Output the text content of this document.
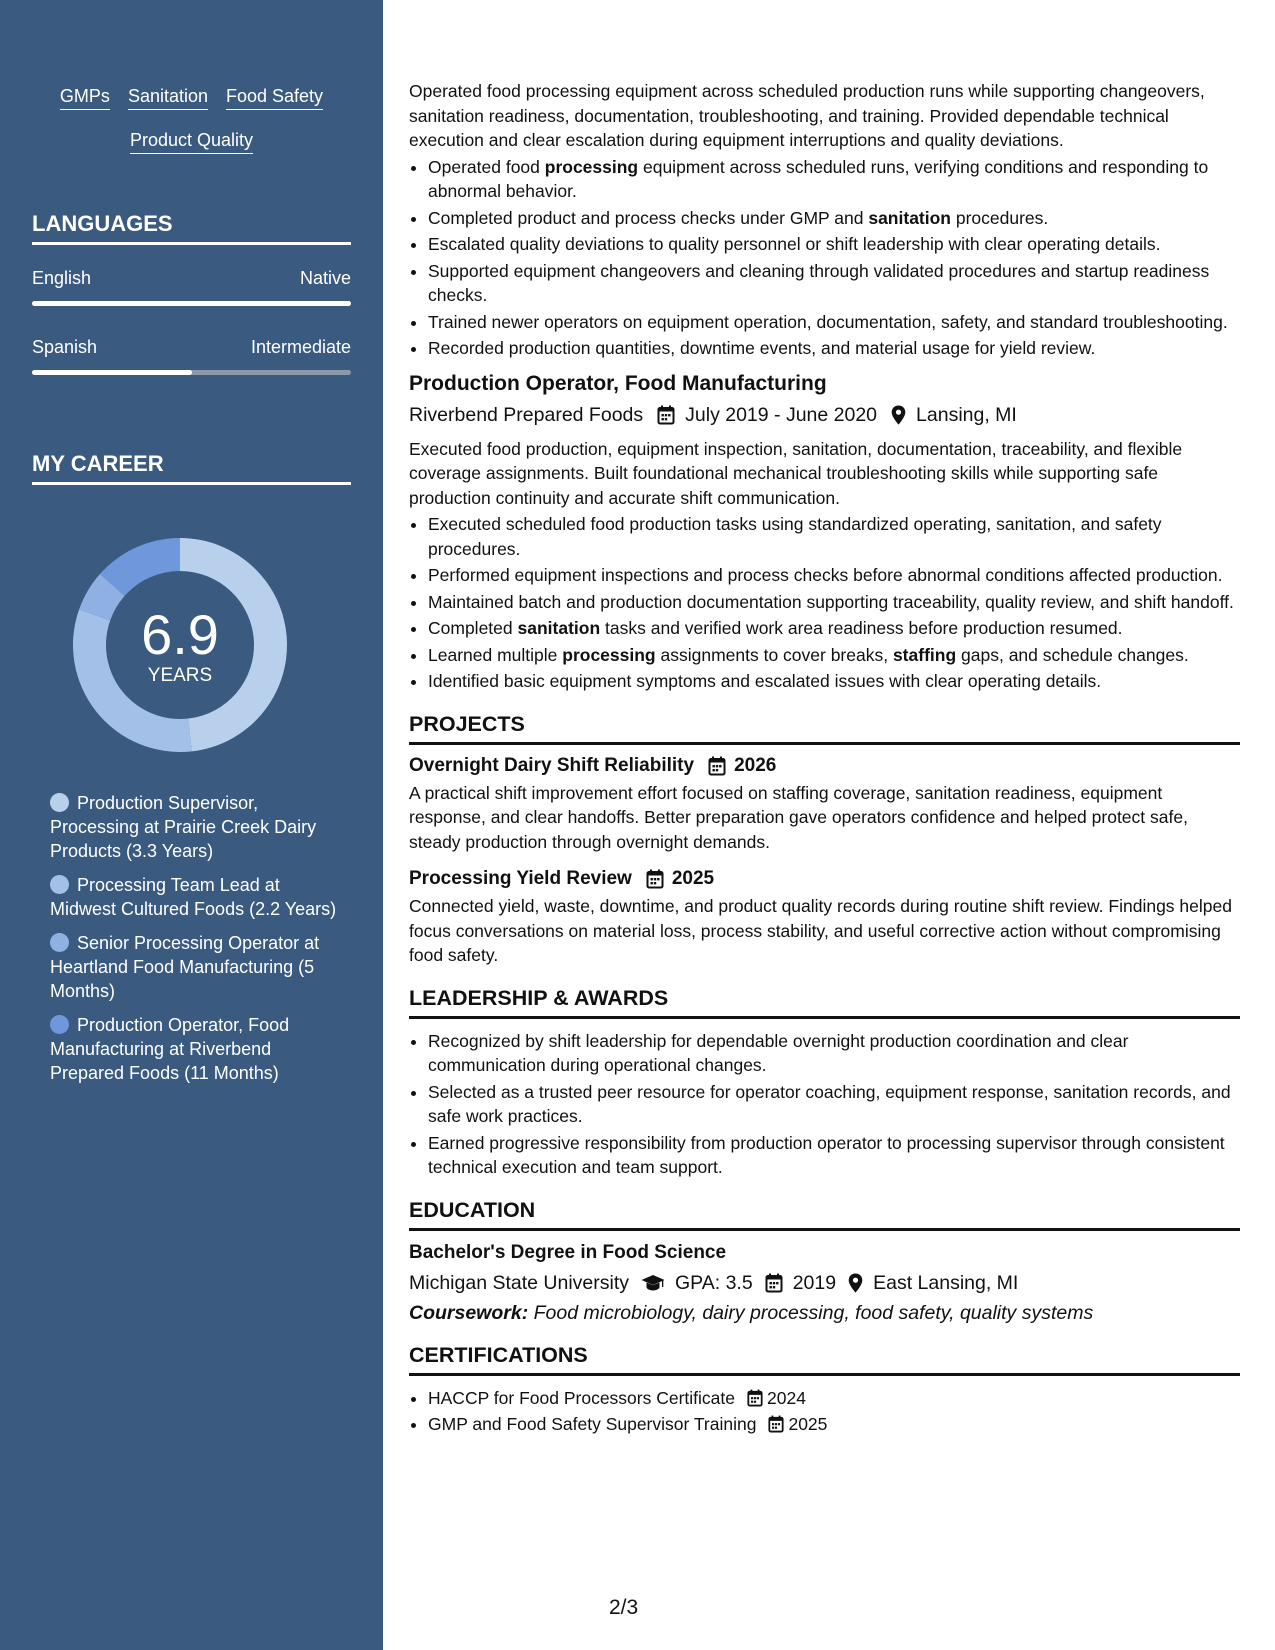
GMPs Sanitation Food Safety
Product Quality
LANGUAGES
English	Native
Spanish	Intermediate
MY CAREER
6.9
YEARS
Production Supervisor, Processing at Prairie Creek Dairy Products (3.3 Years)
Processing Team Lead at Midwest Cultured Foods (2.2 Years)
Senior Processing Operator at Heartland Food Manufacturing (5 Months)
Production Operator, Food Manufacturing at Riverbend Prepared Foods (11 Months)

Operated food processing equipment across scheduled production runs while supporting changeovers, sanitation readiness, documentation, troubleshooting, and training. Provided dependable technical execution and clear escalation during equipment interruptions and quality deviations.

• Operated food processing equipment across scheduled runs, verifying conditions and responding to abnormal behavior.
• Completed product and process checks under GMP and sanitation procedures.
• Escalated quality deviations to quality personnel or shift leadership with clear operating details.
• Supported equipment changeovers and cleaning through validated procedures and startup readiness checks.
• Trained newer operators on equipment operation, documentation, safety, and standard troubleshooting.
• Recorded production quantities, downtime events, and material usage for yield review.
Production Operator, Food Manufacturing
Riverbend Prepared Foods July 2019 - June 2020 Lansing, MI

Executed food production, equipment inspection, sanitation, documentation, traceability, and flexible coverage assignments. Built foundational mechanical troubleshooting skills while supporting safe production continuity and accurate shift communication.

• Executed scheduled food production tasks using standardized operating, sanitation, and safety procedures.
• Performed equipment inspections and process checks before abnormal conditions affected production.
• Maintained batch and production documentation supporting traceability, quality review, and shift handoff.
• Completed sanitation tasks and verified work area readiness before production resumed.
• Learned multiple processing assignments to cover breaks, staffing gaps, and schedule changes.
• Identified basic equipment symptoms and escalated issues with clear operating details.
PROJECTS
Overnight Dairy Shift Reliability 2026

A practical shift improvement effort focused on staffing coverage, sanitation readiness, equipment response, and clear handoffs. Better preparation gave operators confidence and helped protect safe, steady production through overnight demands.

Processing Yield Review 2025

Connected yield, waste, downtime, and product quality records during routine shift review. Findings helped focus conversations on material loss, process stability, and useful corrective action without compromising food safety.

LEADERSHIP & AWARDS
• Recognized by shift leadership for dependable overnight production coordination and clear communication during operational changes.
• Selected as a trusted peer resource for operator coaching, equipment response, sanitation records, and safe work practices.
• Earned progressive responsibility from production operator to processing supervisor through consistent technical execution and team support.
EDUCATION
Bachelor's Degree in Food Science
Michigan State University GPA: 3.5 2019 East Lansing, MI
Coursework: Food microbiology, dairy processing, food safety, quality systems
CERTIFICATIONS
• HACCP for Food Processors Certificate 2024
• GMP and Food Safety Supervisor Training 2025
2/3
